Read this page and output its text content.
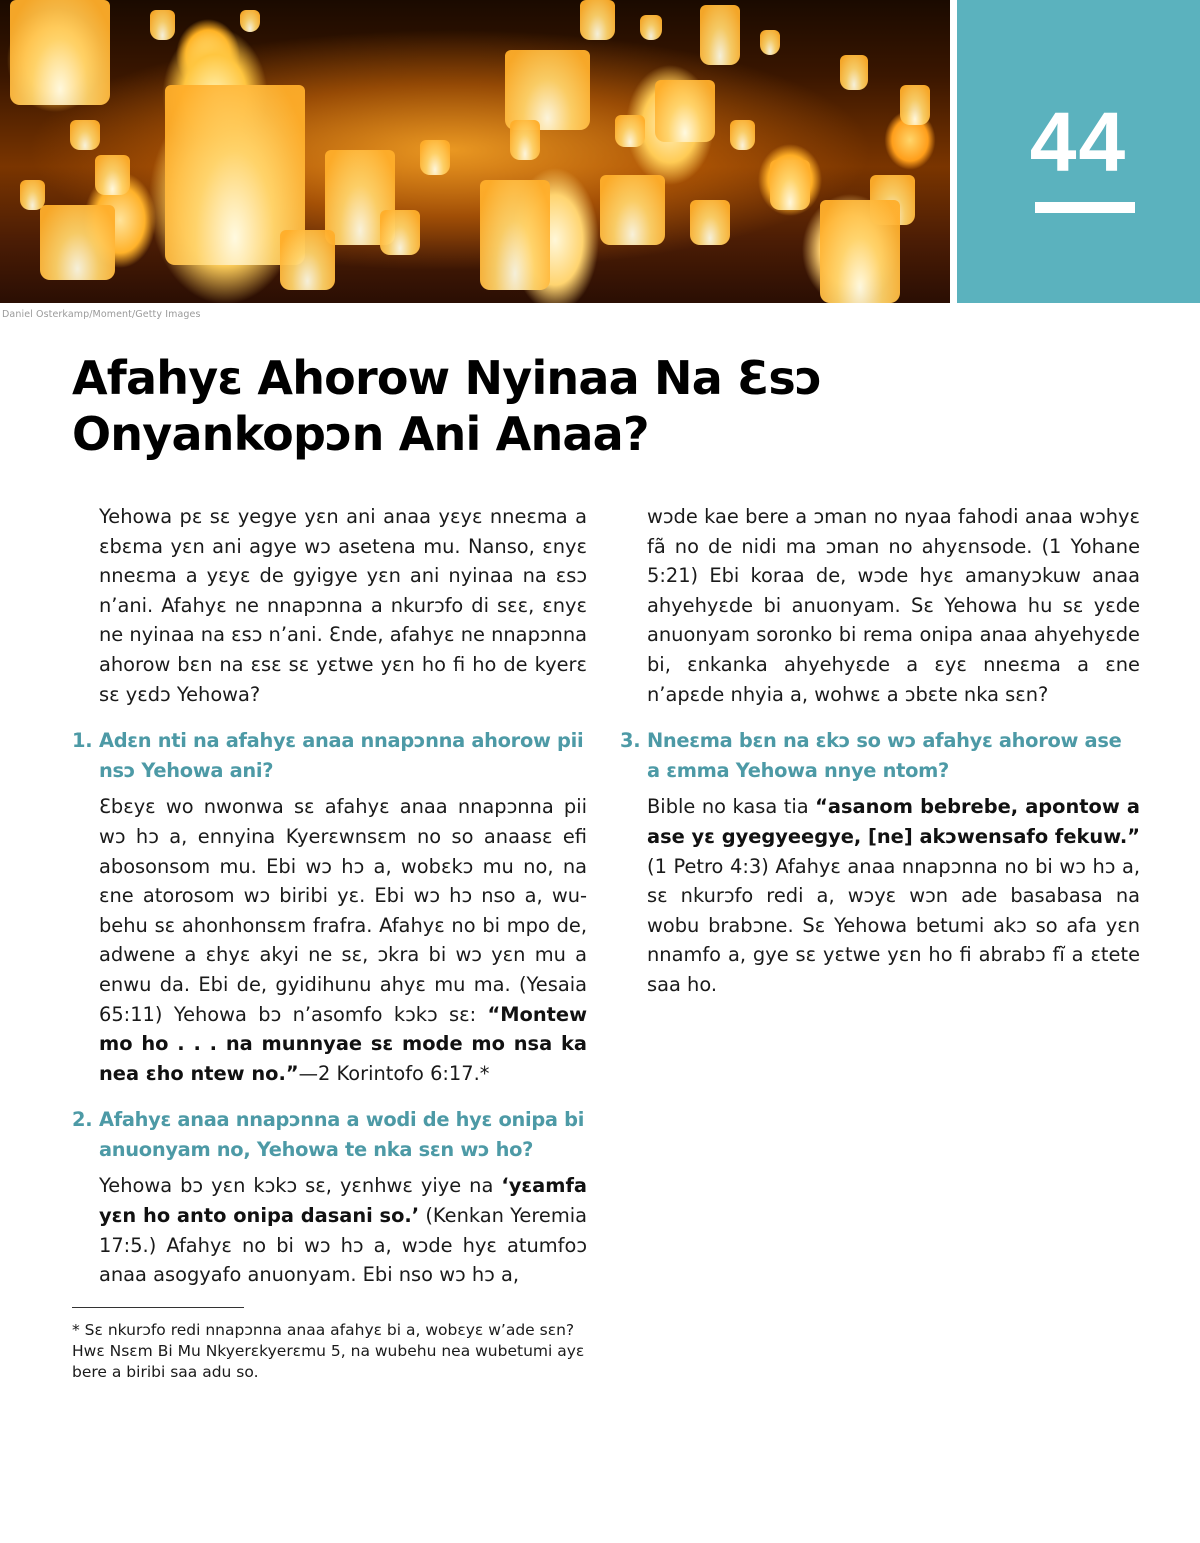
Daniel Osterkamp/Moment/Getty Images
44
Afahyɛ Ahorow Nyinaa Na Ɛsɔ
Onyankopɔn Ani Anaa?

Yehowa pɛ sɛ yegye yɛn ani anaa yɛyɛ nneɛma a ɛbɛma yɛn ani agye wɔ asetena mu. Nanso, ɛnyɛ nneɛma a yɛyɛ de gyigye yɛn ani nyinaa na ɛsɔ n’ani. Afahyɛ ne nnapɔnna a nkurɔfo di sɛɛ, ɛnyɛ ne nyinaa na ɛsɔ n’ani. Ɛnde, afahyɛ ne nnapɔnna ahorow bɛn na ɛsɛ sɛ yɛtwe yɛn ho fi ho de kyerɛ sɛ yɛdɔ Yehowa?

1. Adɛn nti na afahyɛ anaa nnapɔnna ahorow pii nsɔ Yehowa ani?

Ɛbɛyɛ wo nwonwa sɛ afahyɛ anaa nnapɔnna pii wɔ hɔ a, ennyina Kyerɛwnsɛm no so anaasɛ efi abosonsom mu. Ebi wɔ hɔ a, wobɛkɔ mu no, na ɛne atorosom wɔ biribi yɛ. Ebi wɔ hɔ nso a, wubehu sɛ ahonhonsɛm frafra. Afahyɛ no bi mpo de, adwene a ɛhyɛ akyi ne sɛ, ɔkra bi wɔ yɛn mu a enwu da. Ebi de, gyidihunu ahyɛ mu ma. (Yesaia 65:11) Yehowa bɔ n’asomfo kɔkɔ sɛ: “Montew mo ho . . . na munnyae sɛ mode mo nsa ka nea ɛho ntew no.”—2 Korintofo 6:17.*

2. Afahyɛ anaa nnapɔnna a wodi de hyɛ onipa bi anuonyam no, Yehowa te nka sɛn wɔ ho?

Yehowa bɔ yɛn kɔkɔ sɛ, yɛnhwɛ yiye na ‘yɛamfa yɛn ho anto onipa dasani so.’ (Kenkan Yeremia 17:5.) Afahyɛ no bi wɔ hɔ a, wɔde hyɛ atumfoɔ anaa asogyafo anuonyam. Ebi nso wɔ hɔ a,

wɔde kae bere a ɔman no nyaa fahodi anaa wɔhyɛ fã no de nidi ma ɔman no ahyɛnsode. (1 Yohane 5:21) Ebi koraa de, wɔde hyɛ amanyɔkuw anaa ahyehyɛde bi anuonyam. Sɛ Yehowa hu sɛ yɛde anuonyam soronko bi rema onipa anaa ahyehyɛde bi, ɛnkanka ahyehyɛde a ɛyɛ nneɛma a ɛne n’apɛde nhyia a, wohwɛ a ɔbɛte nka sɛn?

3. Nneɛma bɛn na ɛkɔ so wɔ afahyɛ ahorow ase a ɛmma Yehowa nnye ntom?

Bible no kasa tia “asanom bebrebe, apontow a ase yɛ gyegyeegye, [ne] akɔwensafo fekuw.” (1 Petro 4:3) Afahyɛ anaa nnapɔnna no bi wɔ hɔ a, sɛ nkurɔfo redi a, wɔyɛ wɔn ade basabasa na wobu brabɔne. Sɛ Yehowa betumi akɔ so afa yɛn nnamfo a, gye sɛ yɛtwe yɛn ho fi abrabɔ fĩ a ɛtete saa ho.

* Sɛ nkurɔfo redi nnapɔnna anaa afahyɛ bi a, wobɛyɛ w’ade sɛn? Hwɛ Nsɛm Bi Mu Nkyerɛkyerɛmu 5, na wubehu nea wubetumi ayɛ bere a biribi saa adu so.
